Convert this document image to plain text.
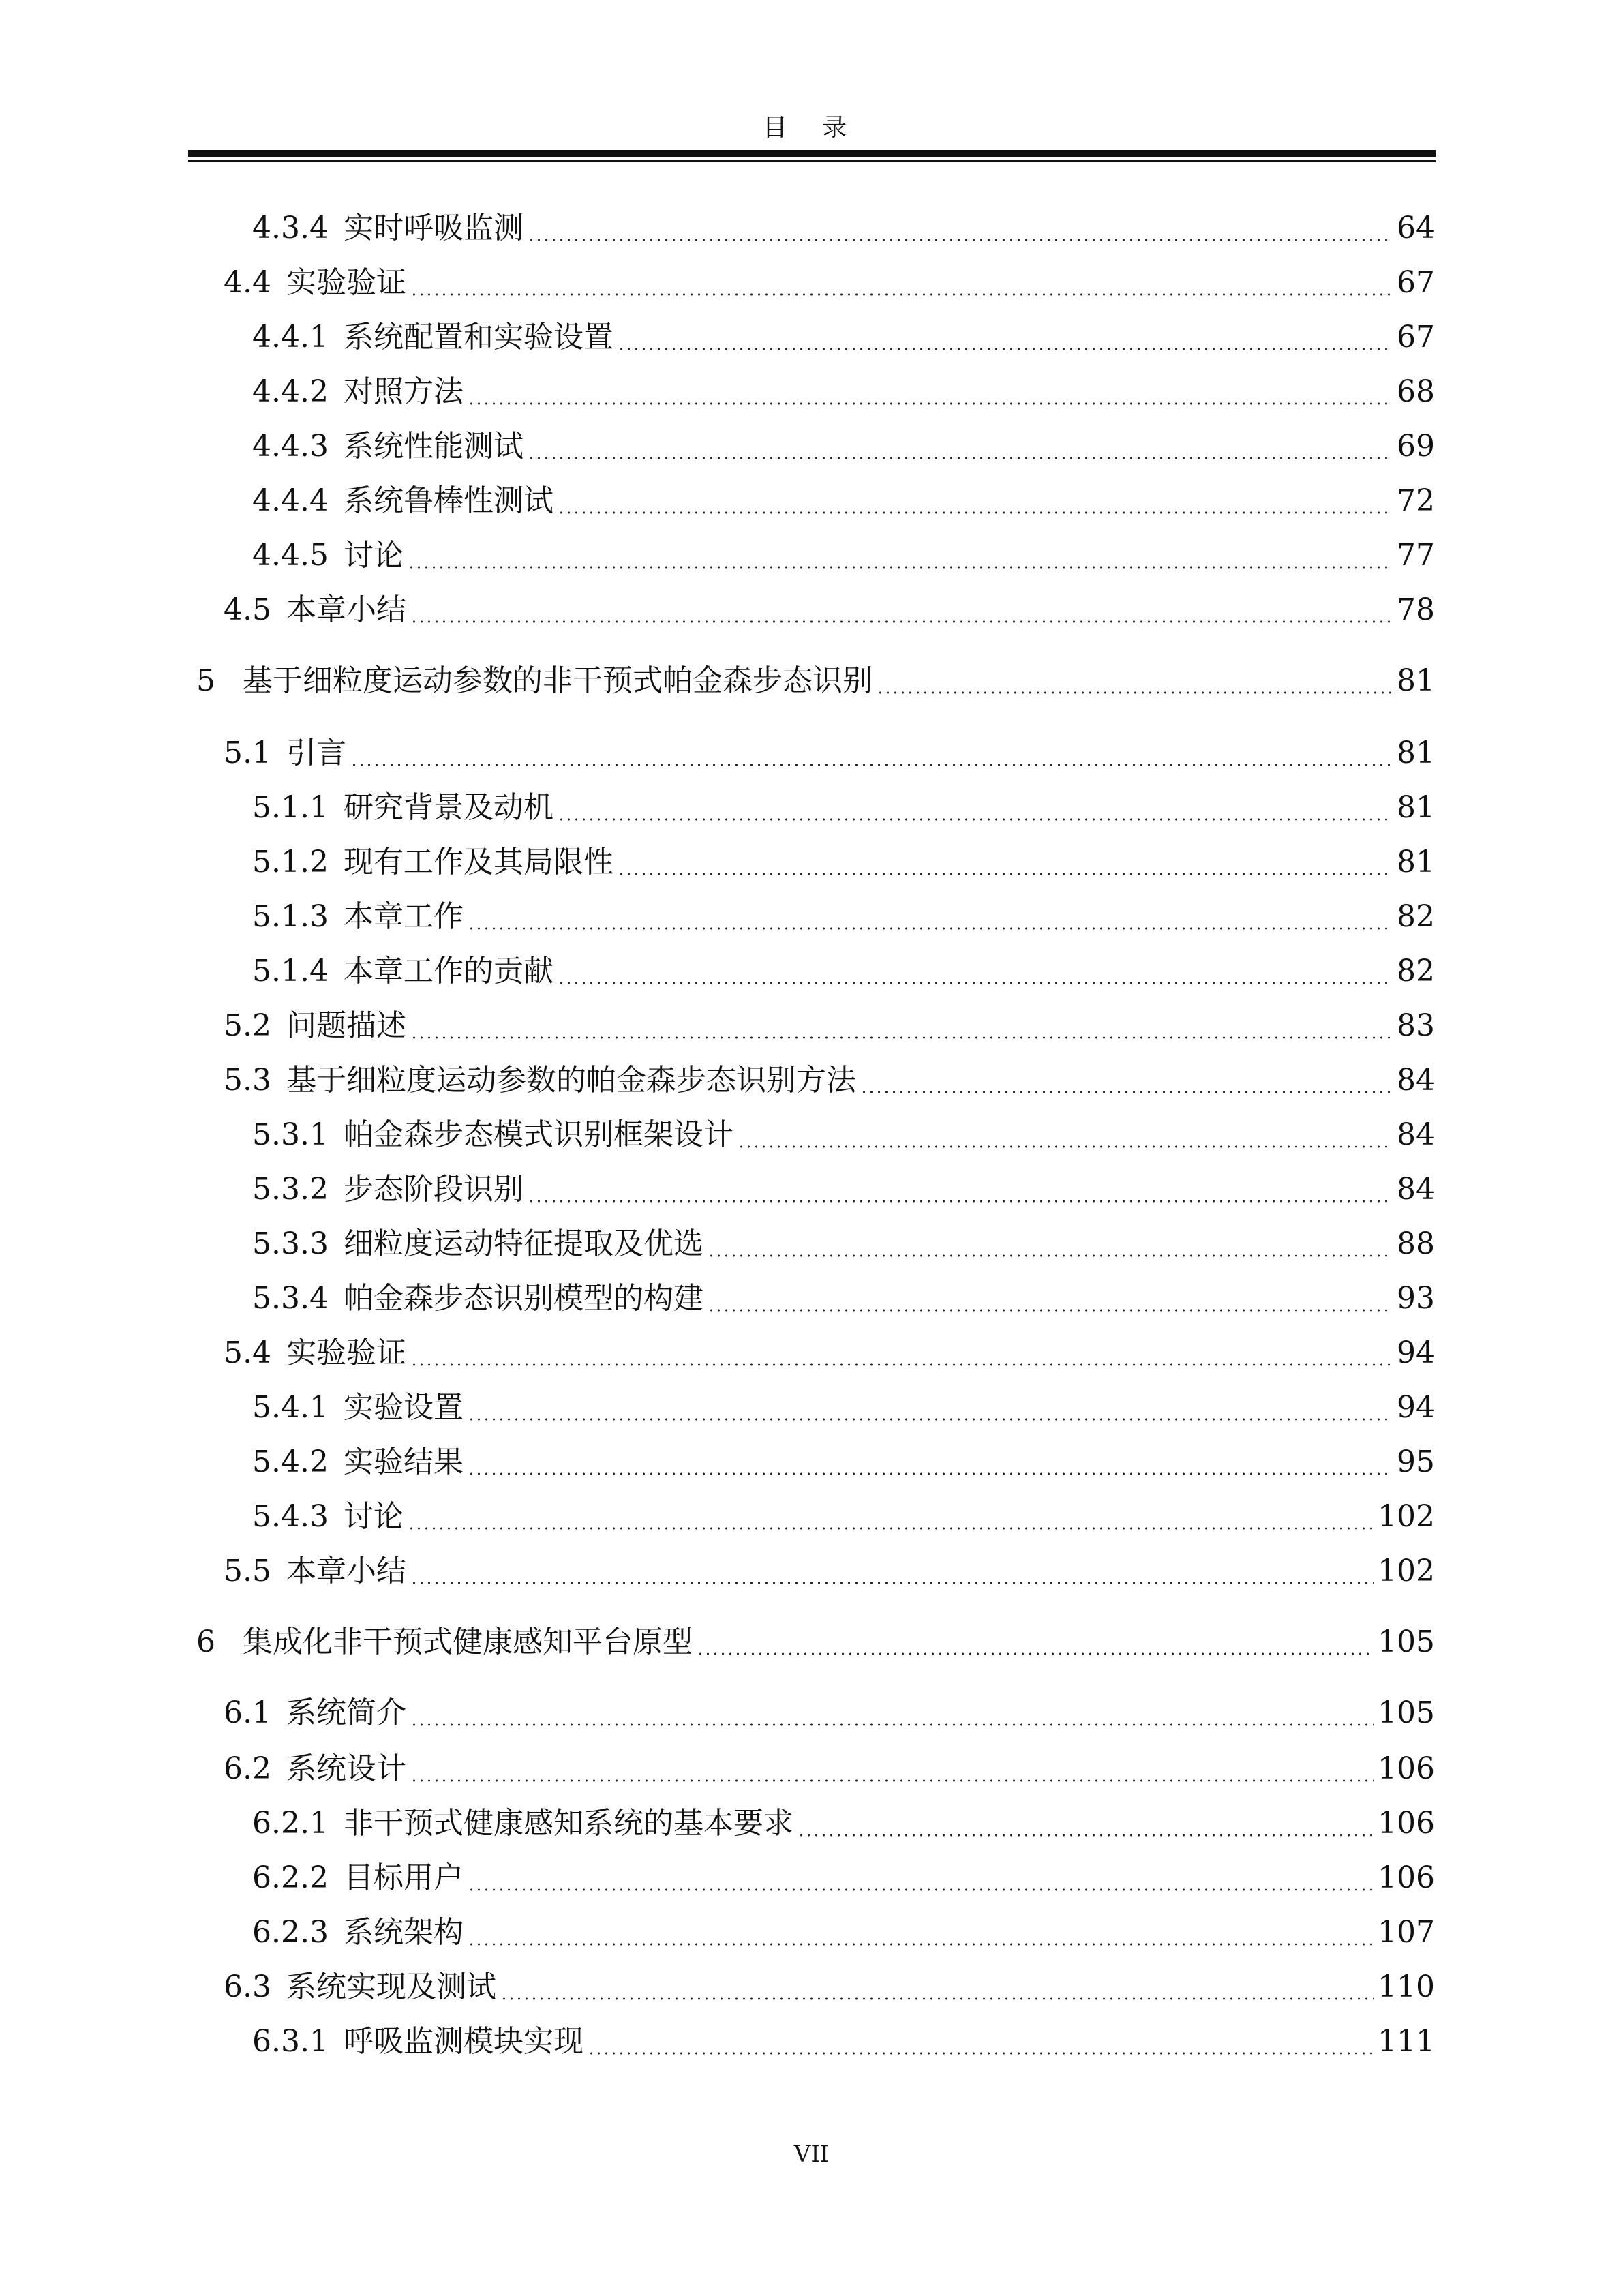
目 录
4.3.4 实时呼吸监测	64
4.4 实验验证	67
4.4.1 系统配置和实验设置	67
4.4.2 对照方法	68
4.4.3 系统性能测试	69
4.4.4 系统鲁棒性测试	72
4.4.5 讨论	77
4.5 本章小结	78
5 基于细粒度运动参数的非干预式帕金森步态识别	81
5.1 引言	81
5.1.1 研究背景及动机	81
5.1.2 现有工作及其局限性	81
5.1.3 本章工作	82
5.1.4 本章工作的贡献	82
5.2 问题描述	83
5.3 基于细粒度运动参数的帕金森步态识别方法	84
5.3.1 帕金森步态模式识别框架设计	84
5.3.2 步态阶段识别	84
5.3.3 细粒度运动特征提取及优选	88
5.3.4 帕金森步态识别模型的构建	93
5.4 实验验证	94
5.4.1 实验设置	94
5.4.2 实验结果	95
5.4.3 讨论	102
5.5 本章小结	102
6 集成化非干预式健康感知平台原型	105
6.1 系统简介	105
6.2 系统设计	106
6.2.1 非干预式健康感知系统的基本要求	106
6.2.2 目标用户	106
6.2.3 系统架构	107
6.3 系统实现及测试	110
6.3.1 呼吸监测模块实现	111
VII
